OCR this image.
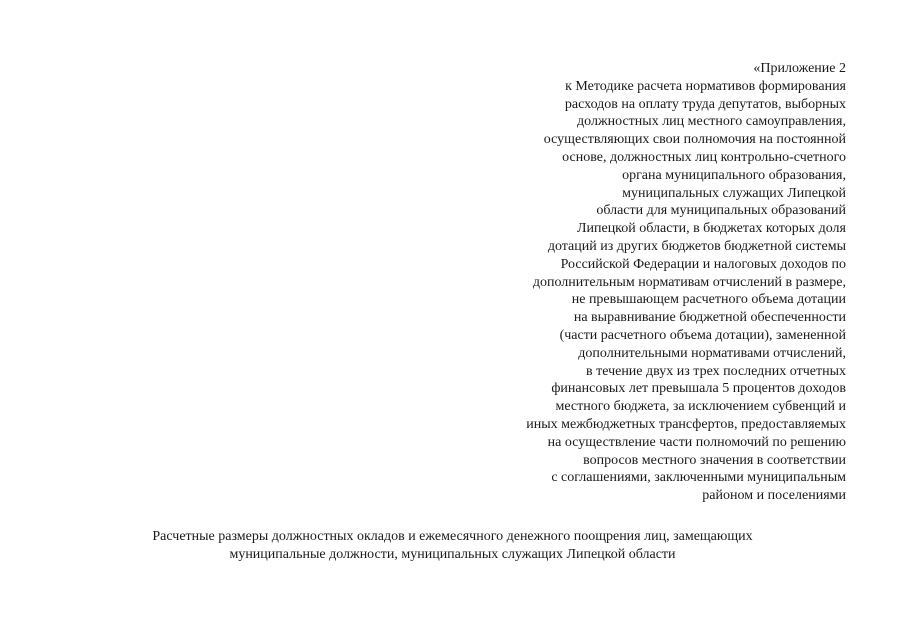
«Приложение 2
к Методике расчета нормативов формирования
расходов на оплату труда депутатов, выборных
должностных лиц местного самоуправления,
осуществляющих свои полномочия на постоянной
основе, должностных лиц контрольно-счетного
органа муниципального образования,
муниципальных служащих Липецкой
области для муниципальных образований
Липецкой области, в бюджетах которых доля
дотаций из других бюджетов бюджетной системы
Российской Федерации и налоговых доходов по
дополнительным нормативам отчислений в размере,
не превышающем расчетного объема дотации
на выравнивание бюджетной обеспеченности
(части расчетного объема дотации), замененной
дополнительными нормативами отчислений,
в течение двух из трех последних отчетных
финансовых лет превышала 5 процентов доходов
местного бюджета, за исключением субвенций и
иных межбюджетных трансфертов, предоставляемых
на осуществление части полномочий по решению
вопросов местного значения в соответствии
с соглашениями, заключенными муниципальным
районом и поселениями
Расчетные размеры должностных окладов и ежемесячного денежного поощрения лиц, замещающих
муниципальные должности, муниципальных служащих Липецкой области
